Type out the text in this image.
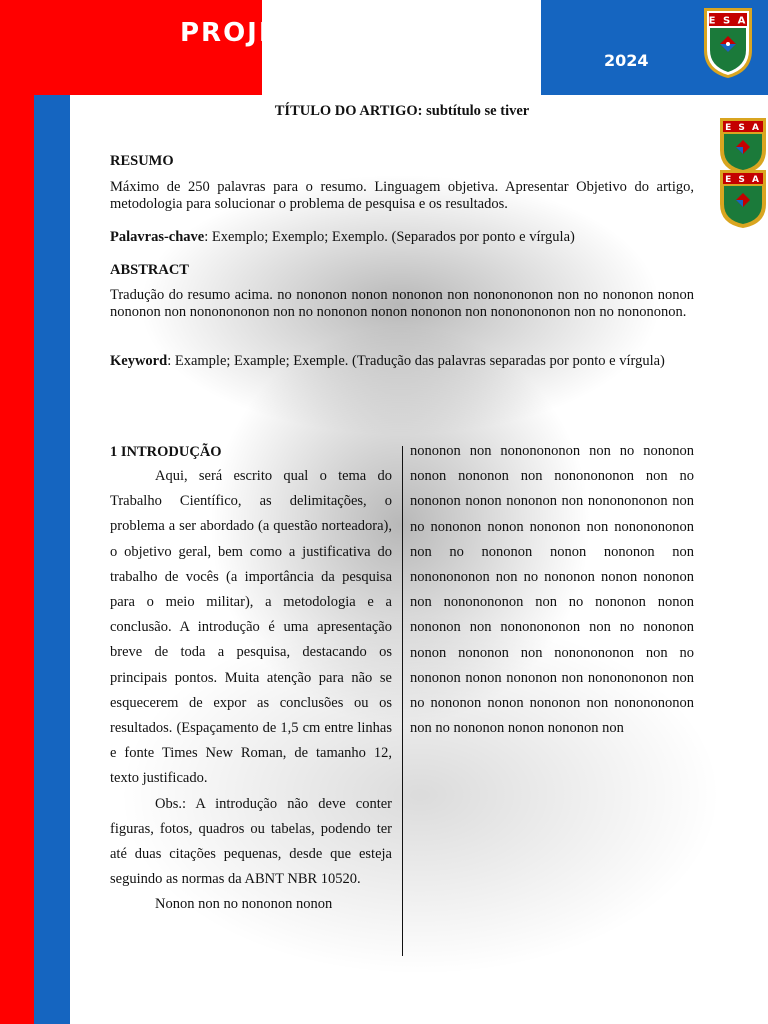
PROJETO	PASSOS
2024
E S A
E S A
E S A
TÍTULO DO ARTIGO: subtítulo se tiver
RESUMO
Máximo de 250 palavras para o resumo. Linguagem objetiva. Apresentar Objetivo do artigo, metodologia para solucionar o problema de pesquisa e os resultados.
Palavras-chave: Exemplo; Exemplo; Exemplo. (Separados por ponto e vírgula)
ABSTRACT
Tradução do resumo acima. no nononon nonon nononon non nononononon non no nononon nonon nononon non nononononon non no nononon nonon nononon non nononononon non no nonononon.
Keyword: Example; Example; Exemple. (Tradução das palavras separadas por ponto e vírgula)
1 INTRODUÇÃO

Aqui, será escrito qual o tema do Trabalho Científico, as delimitações, o problema a ser abordado (a questão norteadora), o objetivo geral, bem como a justificativa do trabalho de vocês (a importância da pesquisa para o meio militar), a metodologia e a conclusão. A introdução é uma apresentação breve de toda a pesquisa, destacando os principais pontos. Muita atenção para não se esquecerem de expor as conclusões ou os resultados. (Espaçamento de 1,5 cm entre linhas e fonte Times New Roman, de tamanho 12, texto justificado.

Obs.: A introdução não deve conter figuras, fotos, quadros ou tabelas, podendo ter até duas citações pequenas, desde que esteja seguindo as normas da ABNT NBR 10520.

Nonon non no nononon nonon

nononon non nononononon non no nononon nonon nononon non nononononon non no nononon nonon nononon non nononononon non no nononon nonon nononon non nononononon non no nononon nonon nononon non nononononon non no nononon nonon nononon non nononononon non no nononon nonon nononon non nononononon non no nononon nonon nononon non nononononon non no nononon nonon nononon non nononononon non no nononon nonon nononon non nononononon non no nononon nonon nononon non
